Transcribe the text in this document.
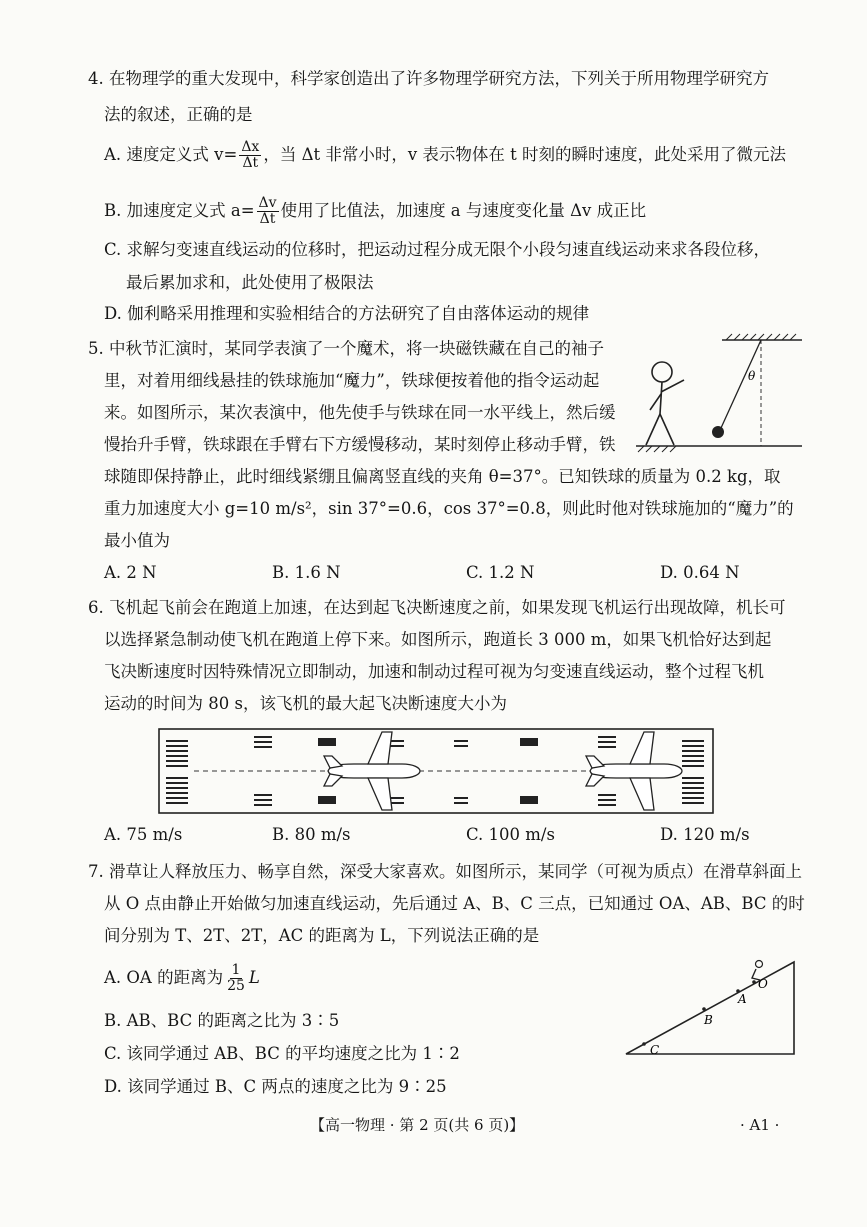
4. 在物理学的重大发现中，科学家创造出了许多物理学研究方法，下列关于所用物理学研究方
法的叙述，正确的是
A. 速度定义式 $v= \frac{\Delta x}{\Delta t}$ ，当 Δt 非常小时，v 表示物体在 t 时刻的瞬时速度，此处采用了微元法
B. 加速度定义式 $a= \frac{\Delta v}{\Delta t}$ 使用了比值法，加速度 a 与速度变化量 Δv 成正比
C. 求解匀变速直线运动的位移时，把运动过程分成无限个小段匀速直线运动来求各段位移，
最后累加求和，此处使用了极限法
D. 伽利略采用推理和实验相结合的方法研究了自由落体运动的规律
5. 中秋节汇演时，某同学表演了一个魔术，将一块磁铁藏在自己的袖子
里，对着用细线悬挂的铁球施加“魔力”，铁球便按着他的指令运动起
来。如图所示，某次表演中，他先使手与铁球在同一水平线上，然后缓
慢抬升手臂，铁球跟在手臂右下方缓慢移动，某时刻停止移动手臂，铁
球随即保持静止，此时细线紧绷且偏离竖直线的夹角 θ=37°。已知铁球的质量为 0.2 kg，取
重力加速度大小 g=10 m/s²，sin 37°=0.6，cos 37°=0.8，则此时他对铁球施加的“魔力”的
最小值为
θ
A. 2 N	B. 1.6 N	C. 1.2 N	D. 0.64 N
6. 飞机起飞前会在跑道上加速，在达到起飞决断速度之前，如果发现飞机运行出现故障，机长可
以选择紧急制动使飞机在跑道上停下来。如图所示，跑道长 3 000 m，如果飞机恰好达到起
飞决断速度时因特殊情况立即制动，加速和制动过程可视为匀变速直线运动，整个过程飞机
运动的时间为 80 s，该飞机的最大起飞决断速度大小为
A. 75 m/s	B. 80 m/s	C. 100 m/s	D. 120 m/s
7. 滑草让人释放压力、畅享自然，深受大家喜欢。如图所示，某同学（可视为质点）在滑草斜面上
从 O 点由静止开始做匀加速直线运动，先后通过 A、B、C 三点，已知通过 OA、AB、BC 的时
间分别为 T、2T、2T，AC 的距离为 L，下列说法正确的是
A. OA 的距离为 $\frac{1}{25}$ L
B. AB、BC 的距离之比为 3∶5
C. 该同学通过 AB、BC 的平均速度之比为 1∶2
D. 该同学通过 B、C 两点的速度之比为 9∶25
O
A
B
C
【高一物理 · 第 2 页(共 6 页)】	· A1 ·
